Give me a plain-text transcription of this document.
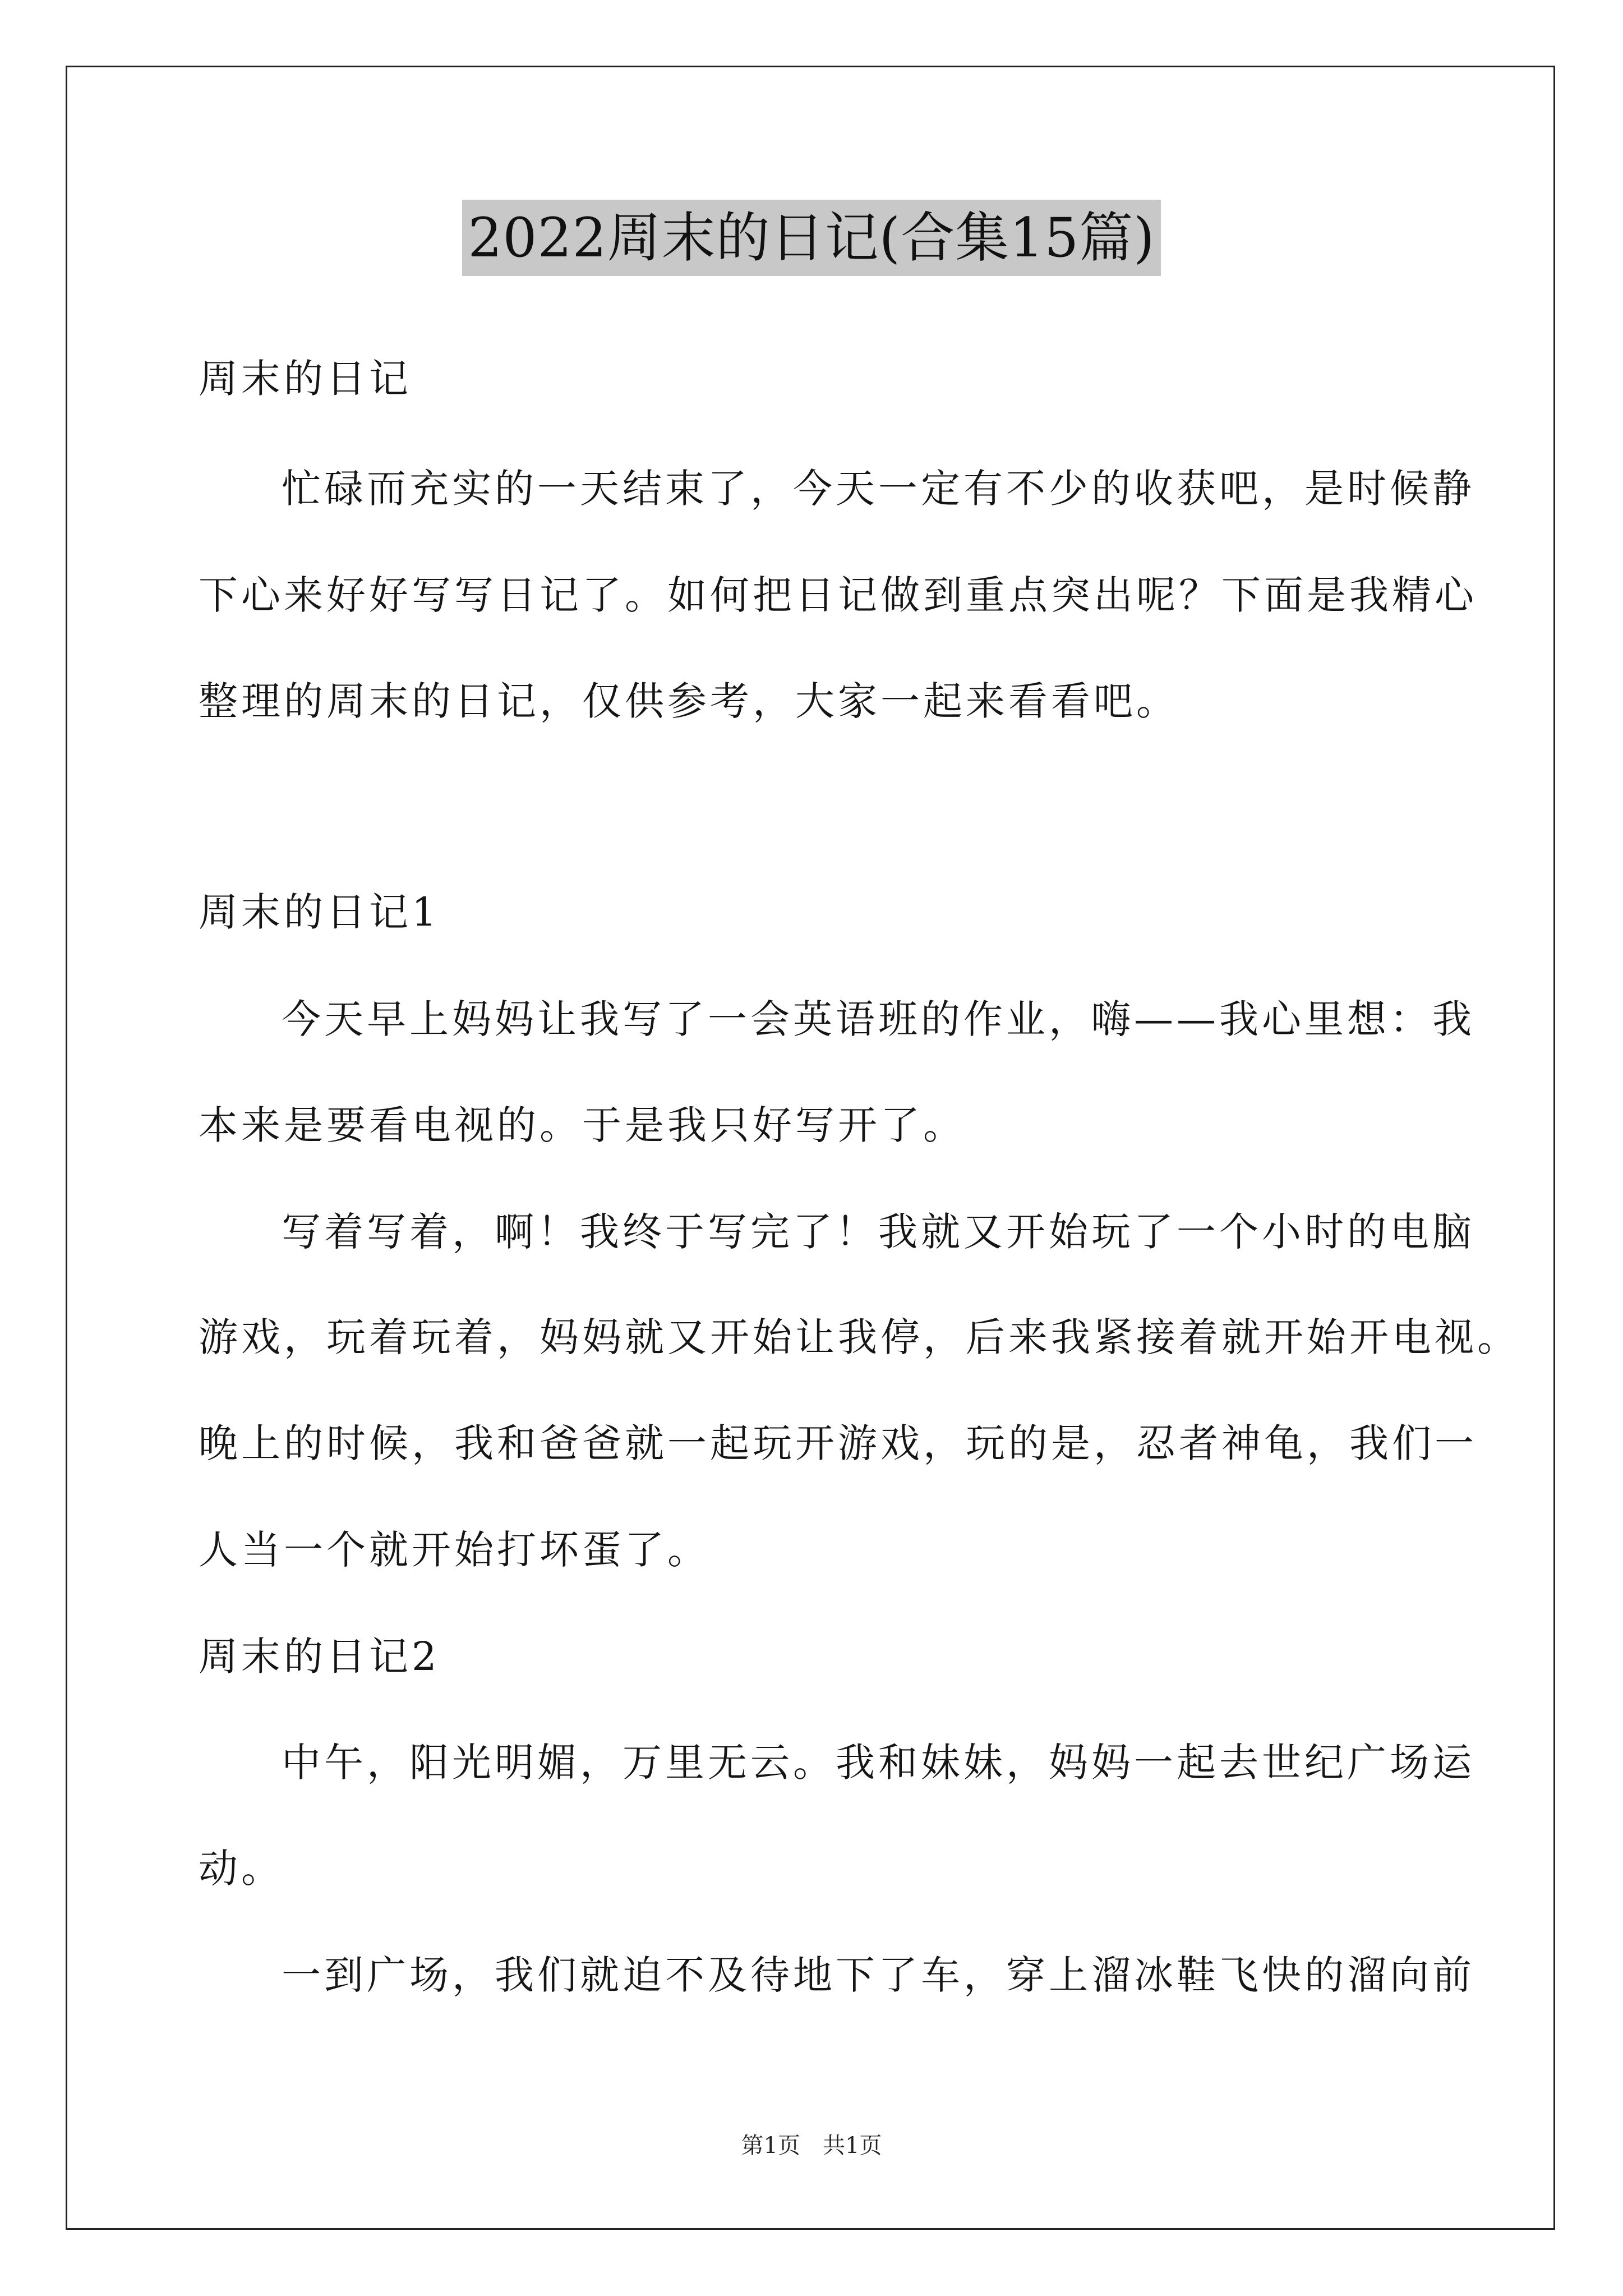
2022周末的日记(合集15篇)
周末的日记
忙碌而充实的一天结束了，今天一定有不少的收获吧，是时候静
下心来好好写写日记了。如何把日记做到重点突出呢？下面是我精心
整理的周末的日记，仅供参考，大家一起来看看吧。
周末的日记1
今天早上妈妈让我写了一会英语班的作业，嗨——我心里想：我
本来是要看电视的。于是我只好写开了。
写着写着，啊！我终于写完了！我就又开始玩了一个小时的电脑
游戏，玩着玩着，妈妈就又开始让我停，后来我紧接着就开始开电视。
晚上的时候，我和爸爸就一起玩开游戏，玩的是，忍者神龟，我们一
人当一个就开始打坏蛋了。
周末的日记2
中午，阳光明媚，万里无云。我和妹妹，妈妈一起去世纪广场运
动。
一到广场，我们就迫不及待地下了车，穿上溜冰鞋飞快的溜向前
第1页　共1页
